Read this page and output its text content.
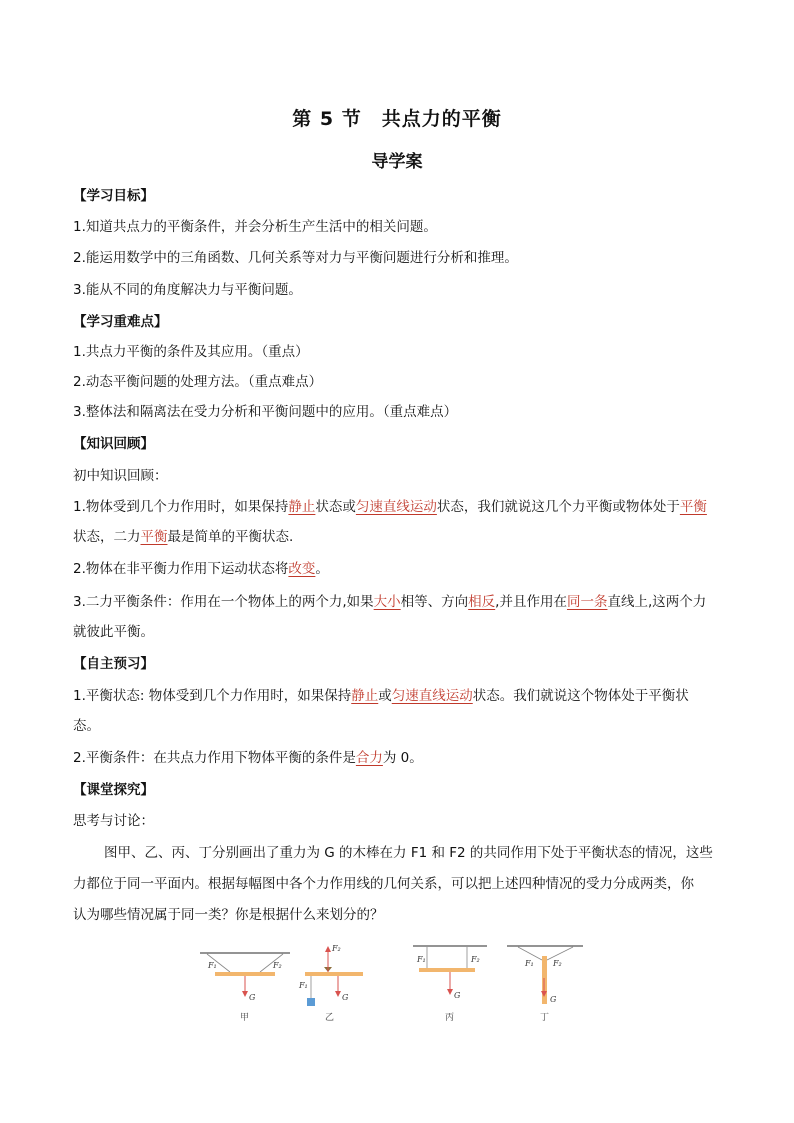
第 5 节　共点力的平衡
导学案
【学习目标】
1.知道共点力的平衡条件，并会分析生产生活中的相关问题。
2.能运用数学中的三角函数、几何关系等对力与平衡问题进行分析和推理。
3.能从不同的角度解决力与平衡问题。
【学习重难点】
1.共点力平衡的条件及其应用。（重点）
2.动态平衡问题的处理方法。（重点难点）
3.整体法和隔离法在受力分析和平衡问题中的应用。（重点难点）
【知识回顾】
初中知识回顾：
1.物体受到几个力作用时，如果保持静止状态或匀速直线运动状态，我们就说这几个力平衡或物体处于平衡
状态，二力平衡最是简单的平衡状态.
2.物体在非平衡力作用下运动状态将改变。
3.二力平衡条件：作用在一个物体上的两个力,如果大小相等、方向相反,并且作用在同一条直线上,这两个力
就彼此平衡。
【自主预习】
1.平衡状态: 物体受到几个力作用时，如果保持静止或匀速直线运动状态。我们就说这个物体处于平衡状
态。
2.平衡条件：在共点力作用下物体平衡的条件是合力为 0。
【课堂探究】
思考与讨论：
图甲、乙、丙、丁分别画出了重力为 G 的木棒在力 F1 和 F2 的共同作用下处于平衡状态的情况，这些
力都位于同一平面内。根据每幅图中各个力作用线的几何关系，可以把上述四种情况的受力分成两类，你
认为哪些情况属于同一类？你是根据什么来划分的？
F₁	F₂
G
甲
F₂
F₁
G
乙
F₁	F₂
G
丙
F₁ F₂
G
丁
